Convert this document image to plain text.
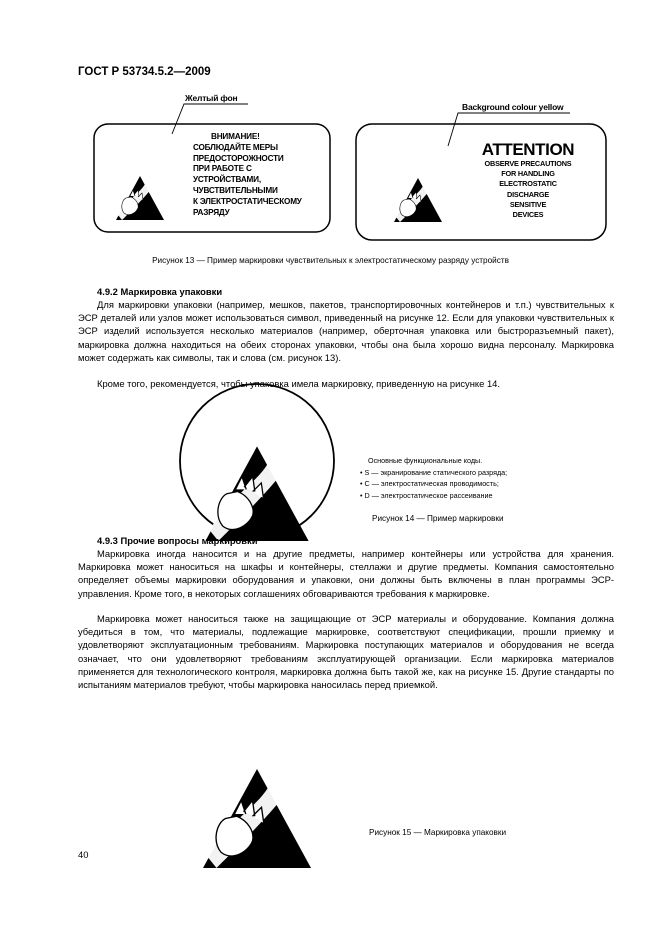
ГОСТ Р 53734.5.2—2009
Желтый фон
Background colour yellow
ВНИМАНИЕ!
СОБЛЮДАЙТЕ МЕРЫ
ПРЕДОСТОРОЖНОСТИ
ПРИ РАБОТЕ С
УСТРОЙСТВАМИ,
ЧУВСТВИТЕЛЬНЫМИ
К ЭЛЕКТРОСТАТИЧЕСКОМУ
РАЗРЯДУ
ATTENTION
OBSERVE PRECAUTIONS
FOR HANDLING
ELECTROSTATIC
DISCHARGE
SENSITIVE
DEVICES
Рисунок 13 — Пример маркировки чувствительных к электростатическому разряду устройств
4.9.2 Маркировка упаковки
Для маркировки упаковки (например, мешков, пакетов, транспортировочных контейнеров и т.п.) чувствительных к ЭСР деталей или узлов может использоваться символ, приведенный на рисунке 12. Если для упаковки чувствительных к ЭСР изделий используется несколько материалов (например, оберточная упаковка или быстроразъемный пакет), маркировка должна находиться на обеих сторонах упаковки, чтобы она была хорошо видна персоналу. Маркировка может содержать как символы, так и слова (см. рисунок 13).
Кроме того, рекомендуется, чтобы упаковка имела маркировку, приведенную на рисунке 14.
Основные функциональные коды.
• S — экранирование статического разряда;
• C — электростатическая проводимость;
• D — электростатическое рассеивание
Рисунок 14 — Пример маркировки
4.9.3 Прочие вопросы маркировки
Маркировка иногда наносится и на другие предметы, например контейнеры или устройства для хранения. Маркировка может наноситься на шкафы и контейнеры, стеллажи и другие предметы. Компания самостоятельно определяет объемы маркировки оборудования и упаковки, они должны быть включены в план программы ЭСР-управления. Кроме того, в некоторых соглашениях обговариваются требования к маркировке.
Маркировка может наноситься также на защищающие от ЭСР материалы и оборудование. Компания должна убедиться в том, что материалы, подлежащие маркировке, соответствуют спецификации, прошли приемку и удовлетворяют эксплуатационным требованиям. Маркировка поступающих материалов и оборудования не всегда означает, что они удовлетворяют требованиям эксплуатирующей организации. Если маркировка материалов применяется для технологического контроля, маркировка должна быть такой же, как на рисунке 15. Другие стандарты по испытаниям материалов требуют, чтобы маркировка наносилась перед приемкой.
Рисунок 15 — Маркировка упаковки
40
